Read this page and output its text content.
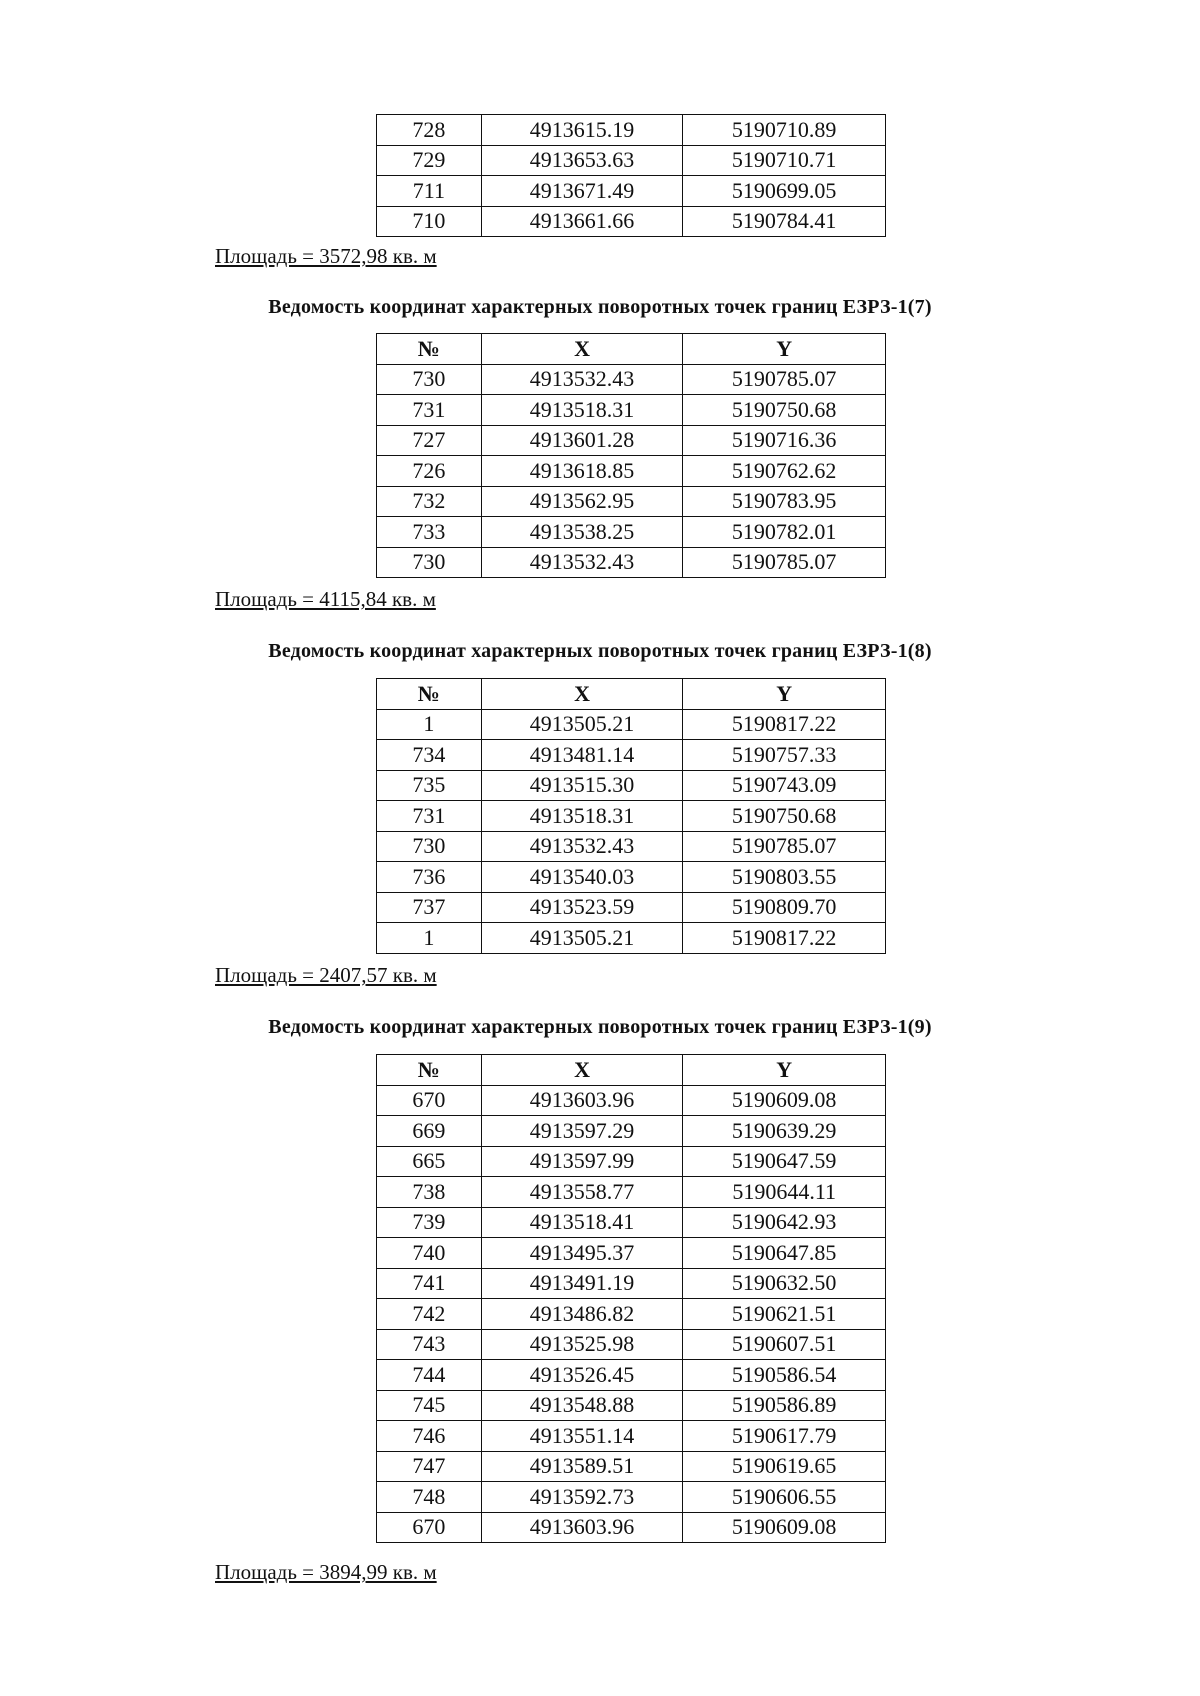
728	4913615.19	5190710.89
729	4913653.63	5190710.71
711	4913671.49	5190699.05
710	4913661.66	5190784.41
Площадь = 3572,98 кв. м
Ведомость координат характерных поворотных точек границ ЕЗРЗ-1(7)
№	X	Y
730	4913532.43	5190785.07
731	4913518.31	5190750.68
727	4913601.28	5190716.36
726	4913618.85	5190762.62
732	4913562.95	5190783.95
733	4913538.25	5190782.01
730	4913532.43	5190785.07
Площадь = 4115,84 кв. м
Ведомость координат характерных поворотных точек границ ЕЗРЗ-1(8)
№	X	Y
1	4913505.21	5190817.22
734	4913481.14	5190757.33
735	4913515.30	5190743.09
731	4913518.31	5190750.68
730	4913532.43	5190785.07
736	4913540.03	5190803.55
737	4913523.59	5190809.70
1	4913505.21	5190817.22
Площадь = 2407,57 кв. м
Ведомость координат характерных поворотных точек границ ЕЗРЗ-1(9)
№	X	Y
670	4913603.96	5190609.08
669	4913597.29	5190639.29
665	4913597.99	5190647.59
738	4913558.77	5190644.11
739	4913518.41	5190642.93
740	4913495.37	5190647.85
741	4913491.19	5190632.50
742	4913486.82	5190621.51
743	4913525.98	5190607.51
744	4913526.45	5190586.54
745	4913548.88	5190586.89
746	4913551.14	5190617.79
747	4913589.51	5190619.65
748	4913592.73	5190606.55
670	4913603.96	5190609.08
Площадь = 3894,99 кв. м
